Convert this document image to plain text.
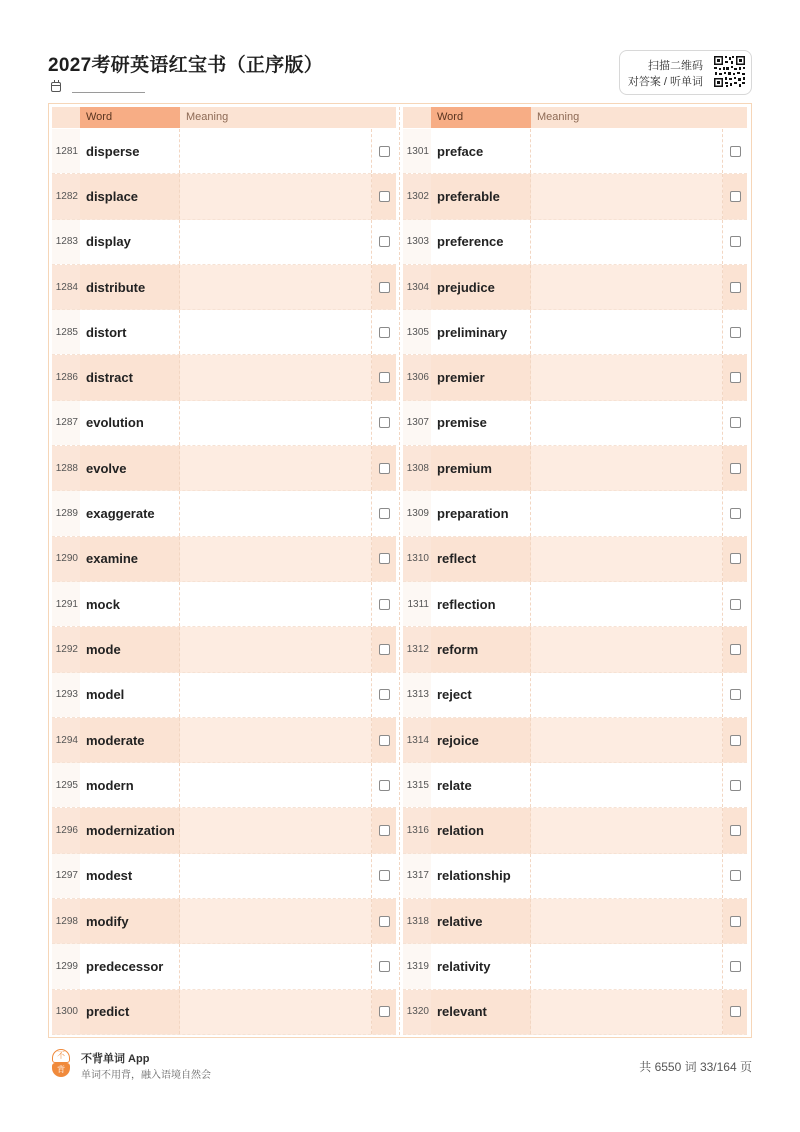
2027考研英语红宝书（正序版）	扫描二维码
对答案 / 听单词
Word	Meaning
1281 disperse
1282 displace
1283 display
1284 distribute
1285 distort
1286 distract
1287 evolution
1288 evolve
1289 exaggerate
1290 examine
1291 mock
1292 mode
1293 model
1294 moderate
1295 modern
1296 modernization
1297 modest
1298 modify
1299 predecessor
1300 predict
Word	Meaning
1301 preface
1302 preferable
1303 preference
1304 prejudice
1305 preliminary
1306 premier
1307 premise
1308 premium
1309 preparation
1310 reflect
1311 reflection
1312 reform
1313 reject
1314 rejoice
1315 relate
1316 relation
1317 relationship
1318 relative
1319 relativity
1320 relevant
不
背
不背单词 App
单词不用背，融入语境自然会
共 6550 词 33/164 页
